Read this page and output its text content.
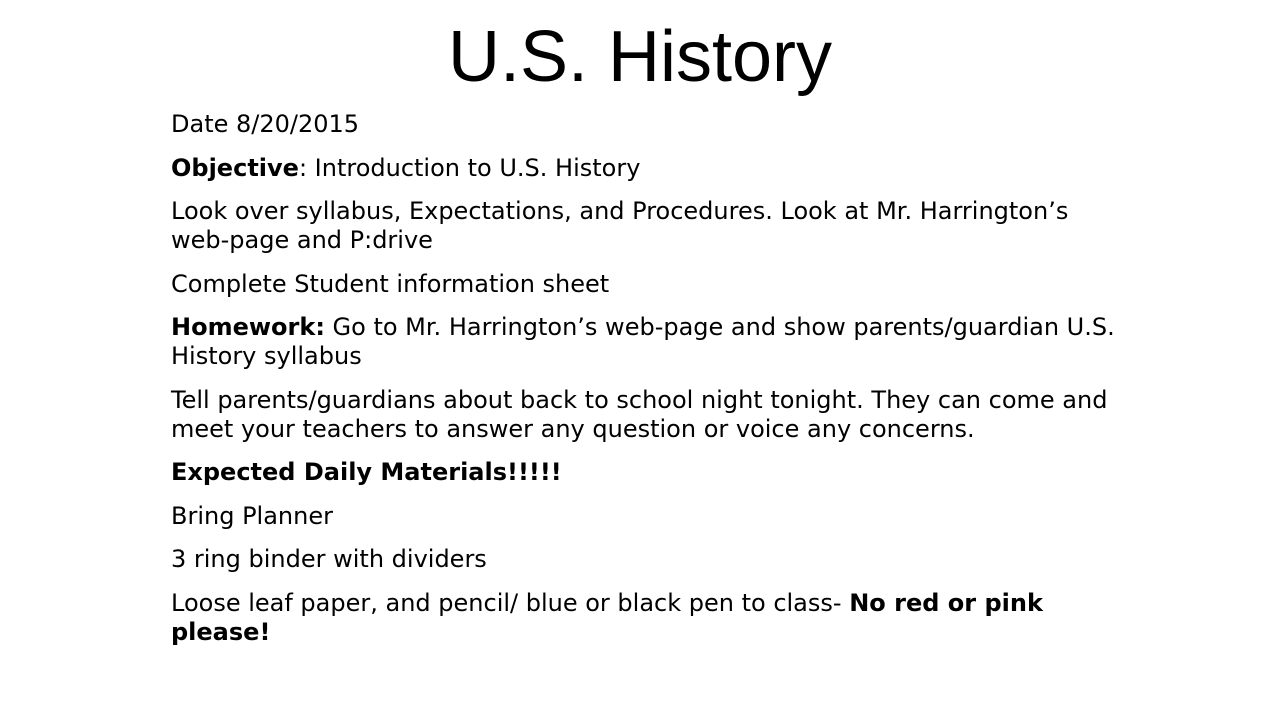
U.S. History

Date 8/20/2015

Objective: Introduction to U.S. History

Look over syllabus, Expectations, and Procedures. Look at Mr. Harrington’s web-page and P:drive

Complete Student information sheet

Homework: Go to Mr. Harrington’s web-page and show parents/guardian U.S. History syllabus

Tell parents/guardians about back to school night tonight. They can come and meet your teachers to answer any question or voice any concerns.

Expected Daily Materials!!!!!

Bring Planner

3 ring binder with dividers

Loose leaf paper, and pencil/ blue or black pen to class- No red or pink please!
